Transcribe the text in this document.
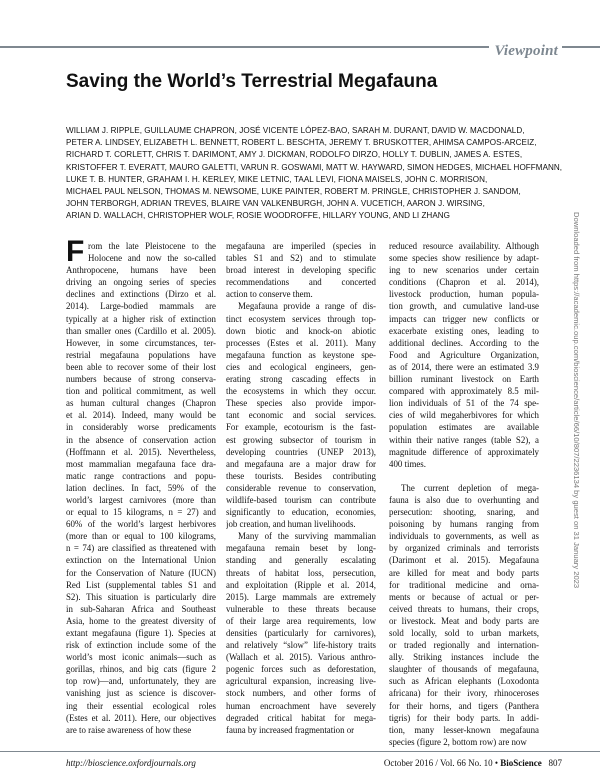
Viewpoint
Saving the World’s Terrestrial Megafauna
WILLIAM J. RIPPLE, GUILLAUME CHAPRON, JOSÉ VICENTE LÓPEZ-BAO, SARAH M. DURANT, DAVID W. MACDONALD,
PETER A. LINDSEY, ELIZABETH L. BENNETT, ROBERT L. BESCHTA, JEREMY T. BRUSKOTTER, AHIMSA CAMPOS-ARCEIZ,
RICHARD T. CORLETT, CHRIS T. DARIMONT, AMY J. DICKMAN, RODOLFO DIRZO, HOLLY T. DUBLIN, JAMES A. ESTES,
KRISTOFFER T. EVERATT, MAURO GALETTI, VARUN R. GOSWAMI, MATT W. HAYWARD, SIMON HEDGES, MICHAEL HOFFMANN,
LUKE T. B. HUNTER, GRAHAM I. H. KERLEY, MIKE LETNIC, TAAL LEVI, FIONA MAISELS, JOHN C. MORRISON,
MICHAEL PAUL NELSON, THOMAS M. NEWSOME, LUKE PAINTER, ROBERT M. PRINGLE, CHRISTOPHER J. SANDOM,
JOHN TERBORGH, ADRIAN TREVES, BLAIRE VAN VALKENBURGH, JOHN A. VUCETICH, AARON J. WIRSING,
ARIAN D. WALLACH, CHRISTOPHER WOLF, ROSIE WOODROFFE, HILLARY YOUNG, AND LI ZHANG
F rom the late Pleistocene to the
Holocene and now the so-called
Anthropocene, humans have been
driving an ongoing series of species
declines and extinctions (Dirzo et al.
2014). Large-bodied mammals are
typically at a higher risk of extinction
than smaller ones (Cardillo et al. 2005).
However, in some circumstances, ter-
restrial megafauna populations have
been able to recover some of their lost
numbers because of strong conserva-
tion and political commitment, as well
as human cultural changes (Chapron
et al. 2014). Indeed, many would be
in considerably worse predicaments
in the absence of conservation action
(Hoffmann et al. 2015). Nevertheless,
most mammalian megafauna face dra-
matic range contractions and popu-
lation declines. In fact, 59% of the
world’s largest carnivores (more than
or equal to 15 kilograms, n = 27) and
60% of the world’s largest herbivores
(more than or equal to 100 kilograms,
n = 74) are classified as threatened with
extinction on the International Union
for the Conservation of Nature (IUCN)
Red List (supplemental tables S1 and
S2). This situation is particularly dire
in sub-Saharan Africa and Southeast
Asia, home to the greatest diversity of
extant megafauna (figure 1). Species at
risk of extinction include some of the
world’s most iconic animals—such as
gorillas, rhinos, and big cats (figure 2
top row)—and, unfortunately, they are
vanishing just as science is discover-
ing their essential ecological roles
(Estes et al. 2011). Here, our objectives
are to raise awareness of how these
megafauna are imperiled (species in
tables S1 and S2) and to stimulate
broad interest in developing specific
recommendations and concerted
action to conserve them.
Megafauna provide a range of dis-
tinct ecosystem services through top-
down biotic and knock-on abiotic
processes (Estes et al. 2011). Many
megafauna function as keystone spe-
cies and ecological engineers, gen-
erating strong cascading effects in
the ecosystems in which they occur.
These species also provide impor-
tant economic and social services.
For example, ecotourism is the fast-
est growing subsector of tourism in
developing countries (UNEP 2013),
and megafauna are a major draw for
these tourists. Besides contributing
considerable revenue to conservation,
wildlife-based tourism can contribute
significantly to education, economies,
job creation, and human livelihoods.
Many of the surviving mammalian
megafauna remain beset by long-
standing and generally escalating
threats of habitat loss, persecution,
and exploitation (Ripple et al. 2014,
2015). Large mammals are extremely
vulnerable to these threats because
of their large area requirements, low
densities (particularly for carnivores),
and relatively “slow” life-history traits
(Wallach et al. 2015). Various anthro-
pogenic forces such as deforestation,
agricultural expansion, increasing live-
stock numbers, and other forms of
human encroachment have severely
degraded critical habitat for mega-
fauna by increased fragmentation or
reduced resource availability. Although
some species show resilience by adapt-
ing to new scenarios under certain
conditions (Chapron et al. 2014),
livestock production, human popula-
tion growth, and cumulative land-use
impacts can trigger new conflicts or
exacerbate existing ones, leading to
additional declines. According to the
Food and Agriculture Organization,
as of 2014, there were an estimated 3.9
billion ruminant livestock on Earth
compared with approximately 8.5 mil-
lion individuals of 51 of the 74 spe-
cies of wild megaherbivores for which
population estimates are available
within their native ranges (table S2), a
magnitude difference of approximately
400 times.

The current depletion of mega-
fauna is also due to overhunting and
persecution: shooting, snaring, and
poisoning by humans ranging from
individuals to governments, as well as
by organized criminals and terrorists
(Darimont et al. 2015). Megafauna
are killed for meat and body parts
for traditional medicine and orna-
ments or because of actual or per-
ceived threats to humans, their crops,
or livestock. Meat and body parts are
sold locally, sold to urban markets,
or traded regionally and internation-
ally. Striking instances include the
slaughter of thousands of megafauna,
such as African elephants (Loxodonta
africana) for their ivory, rhinoceroses
for their horns, and tigers (Panthera
tigris) for their body parts. In addi-
tion, many lesser-known megafauna
species (figure 2, bottom row) are now
Downloaded from https://academic.oup.com/bioscience/article/66/10/807/2236134 by guest on 31 January 2023
http://bioscience.oxfordjournals.org	October 2016 / Vol. 66 No. 10 • BioScience 807
